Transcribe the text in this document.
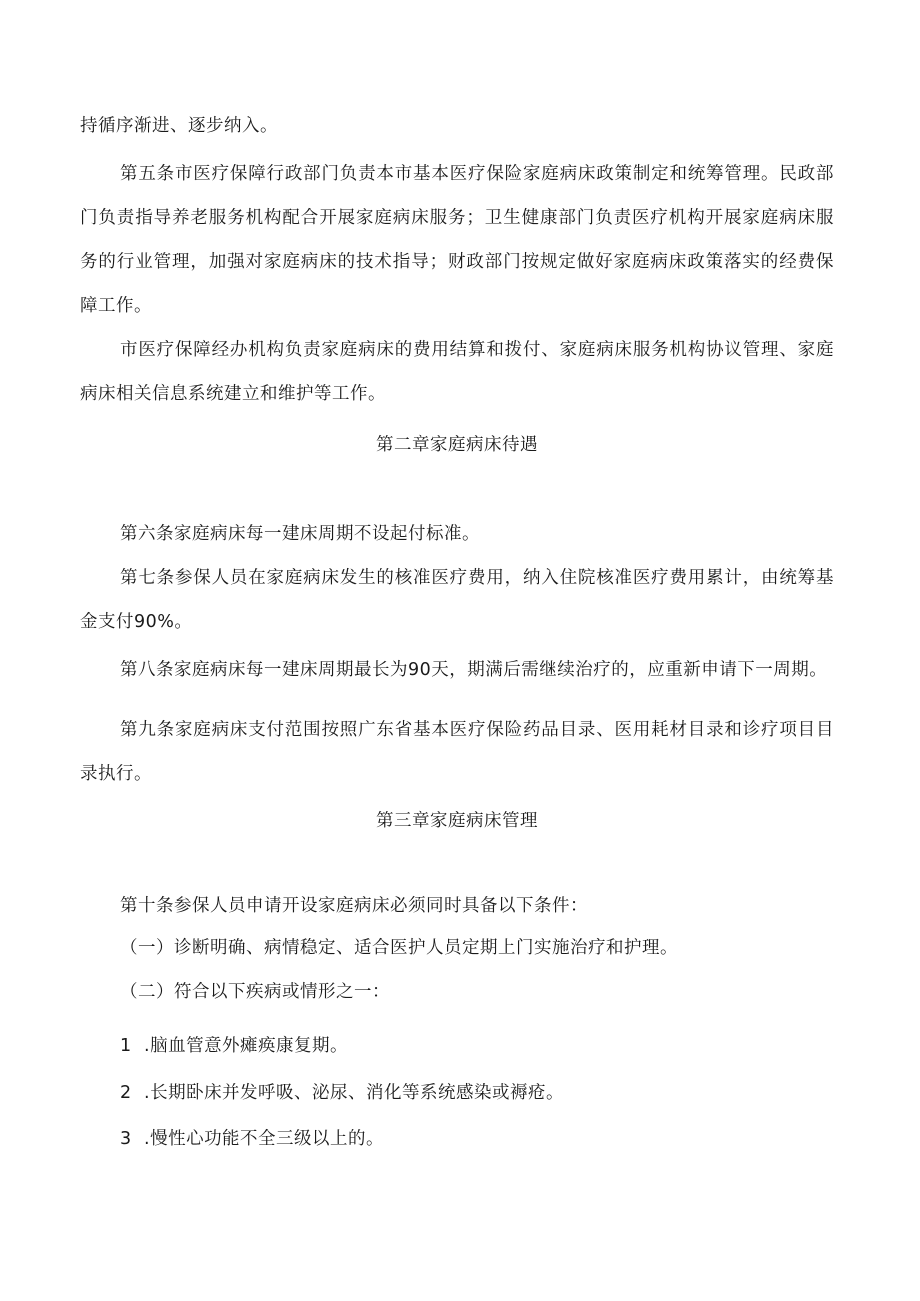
持循序渐进、逐步纳入。

第五条市医疗保障行政部门负责本市基本医疗保险家庭病床政策制定和统筹管理。民政部门负责指导养老服务机构配合开展家庭病床服务；卫生健康部门负责医疗机构开展家庭病床服务的行业管理，加强对家庭病床的技术指导；财政部门按规定做好家庭病床政策落实的经费保障工作。

市医疗保障经办机构负责家庭病床的费用结算和拨付、家庭病床服务机构协议管理、家庭病床相关信息系统建立和维护等工作。

第二章家庭病床待遇

第六条家庭病床每一建床周期不设起付标准。

第七条参保人员在家庭病床发生的核准医疗费用，纳入住院核准医疗费用累计，由统筹基金支付90%。

第八条家庭病床每一建床周期最长为90天，期满后需继续治疗的，应重新申请下一周期。

第九条家庭病床支付范围按照广东省基本医疗保险药品目录、医用耗材目录和诊疗项目目录执行。

第三章家庭病床管理

第十条参保人员申请开设家庭病床必须同时具备以下条件：

（一）诊断明确、病情稳定、适合医护人员定期上门实施治疗和护理。

（二）符合以下疾病或情形之一：

1 .脑血管意外瘫痪康复期。
2 .长期卧床并发呼吸、泌尿、消化等系统感染或褥疮。
3 .慢性心功能不全三级以上的。
